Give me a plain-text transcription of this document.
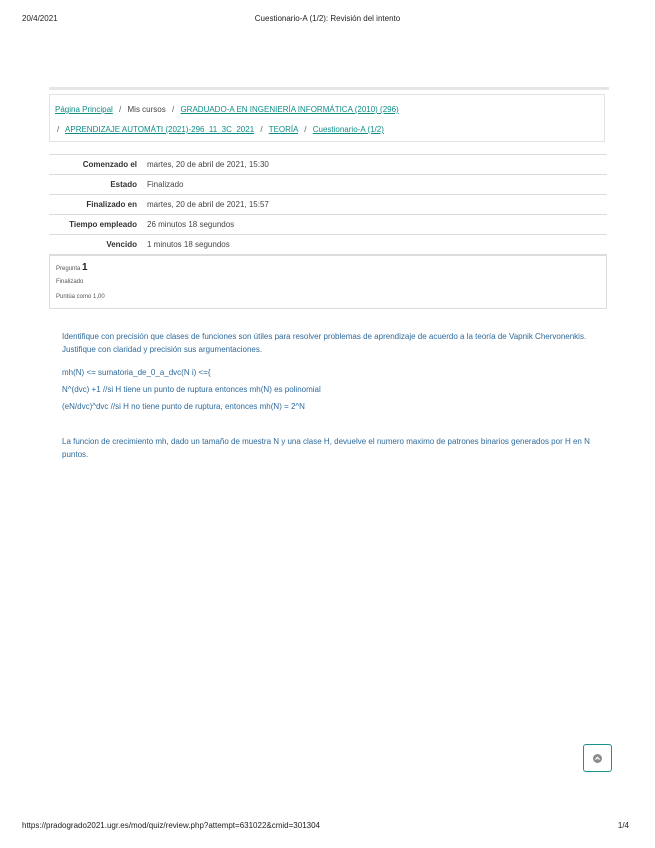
20/4/2021	Cuestionario-A (1/2): Revisión del intento
Página Principal / Mis cursos / GRADUADO-A EN INGENIERÍA INFORMÁTICA (2010) (296)
/ APRENDIZAJE AUTOMÁTI (2021)-296_11_3C_2021 / TEORÍA / Cuestionario-A (1/2)
Comenzado el	martes, 20 de abril de 2021, 15:30
Estado	Finalizado
Finalizado en	martes, 20 de abril de 2021, 15:57
Tiempo empleado	26 minutos 18 segundos
Vencido	1 minutos 18 segundos
Pregunta 1
Finalizado
Puntúa como 1,00

Identifique con precisión que clases de funciones son útiles para resolver problemas de aprendizaje de acuerdo a la teoría de Vapnik Chervonenkis. Justifique con claridad y precisión sus argumentaciones.

mh(N) <= sumatoria_de_0_a_dvc(N i) <={

N^(dvc) +1 //si H tiene un punto de ruptura entonces mh(N) es polinomial

(eN/dvc)^dvc //si H no tiene punto de ruptura, entonces mh(N) = 2^N

La funcion de crecimiento mh, dado un tamaño de muestra N y una clase H, devuelve el numero maximo de patrones binarios generados por H en N puntos.

https://pradogrado2021.ugr.es/mod/quiz/review.php?attempt=631022&cmid=301304	1/4
